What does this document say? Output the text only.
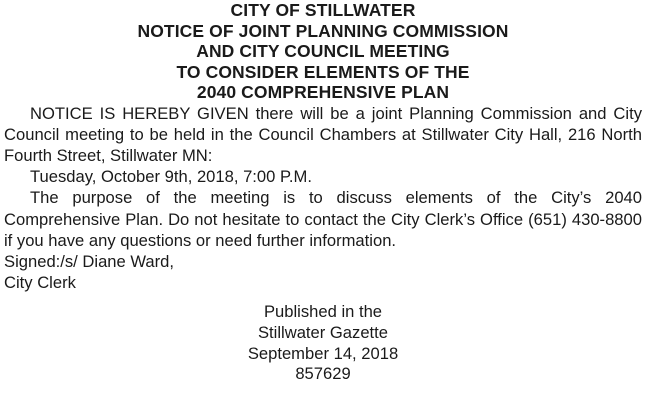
CITY OF STILLWATER
NOTICE OF JOINT PLANNING COMMISSION
AND CITY COUNCIL MEETING
TO CONSIDER ELEMENTS OF THE
2040 COMPREHENSIVE PLAN

NOTICE IS HEREBY GIVEN there will be a joint Planning Commission and City Council meeting to be held in the Council Chambers at Stillwater City Hall, 216 North Fourth Street, Stillwater MN:

Tuesday, October 9th, 2018, 7:00 P.M.

The purpose of the meeting is to discuss elements of the City’s 2040 Comprehensive Plan. Do not hesitate to contact the City Clerk’s Office (651) 430-8800 if you have any questions or need further information.

Signed:/s/ Diane Ward,

City Clerk

Published in the
Stillwater Gazette
September 14, 2018
857629
